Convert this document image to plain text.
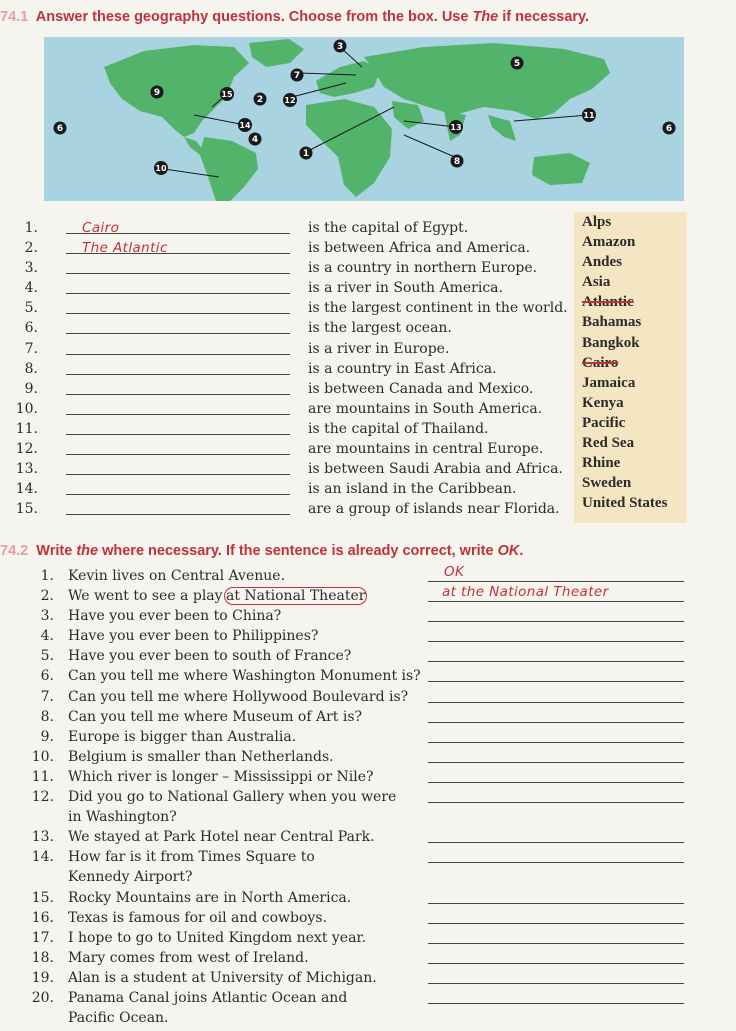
74.1 Answer these geography questions. Choose from the box. Use The if necessary.
1
2
3
4
5
6	6
7
8
9
10
11
12
13
14
15
1.	Cairo	is the capital of Egypt.
2.	The Atlantic	is between Africa and America.
3.	is a country in northern Europe.
4.	is a river in South America.
5.	is the largest continent in the world.
6.	is the largest ocean.
7.	is a river in Europe.
8.	is a country in East Africa.
9.	is between Canada and Mexico.
10.	are mountains in South America.
11.	is the capital of Thailand.
12.	are mountains in central Europe.
13.	is between Saudi Arabia and Africa.
14.	is an island in the Caribbean.
15.	are a group of islands near Florida.
Alps
Amazon
Andes
Asia
Atlantic
Bahamas
Bangkok
Cairo
Jamaica
Kenya
Pacific
Red Sea
Rhine
Sweden
United States
74.2 Write the where necessary. If the sentence is already correct, write OK.
1. Kevin lives on Central Avenue.	OK
2. We went to see a play at National Theater	at the National Theater
3. Have you ever been to China?
4. Have you ever been to Philippines?
5. Have you ever been to south of France?
6. Can you tell me where Washington Monument is?
7. Can you tell me where Hollywood Boulevard is?
8. Can you tell me where Museum of Art is?
9. Europe is bigger than Australia.
10. Belgium is smaller than Netherlands.
11. Which river is longer – Mississippi or Nile?
12. Did you go to National Gallery when you were
in Washington?
13. We stayed at Park Hotel near Central Park.
14. How far is it from Times Square to
Kennedy Airport?
15. Rocky Mountains are in North America.
16. Texas is famous for oil and cowboys.
17. I hope to go to United Kingdom next year.
18. Mary comes from west of Ireland.
19. Alan is a student at University of Michigan.
20. Panama Canal joins Atlantic Ocean and
Pacific Ocean.
